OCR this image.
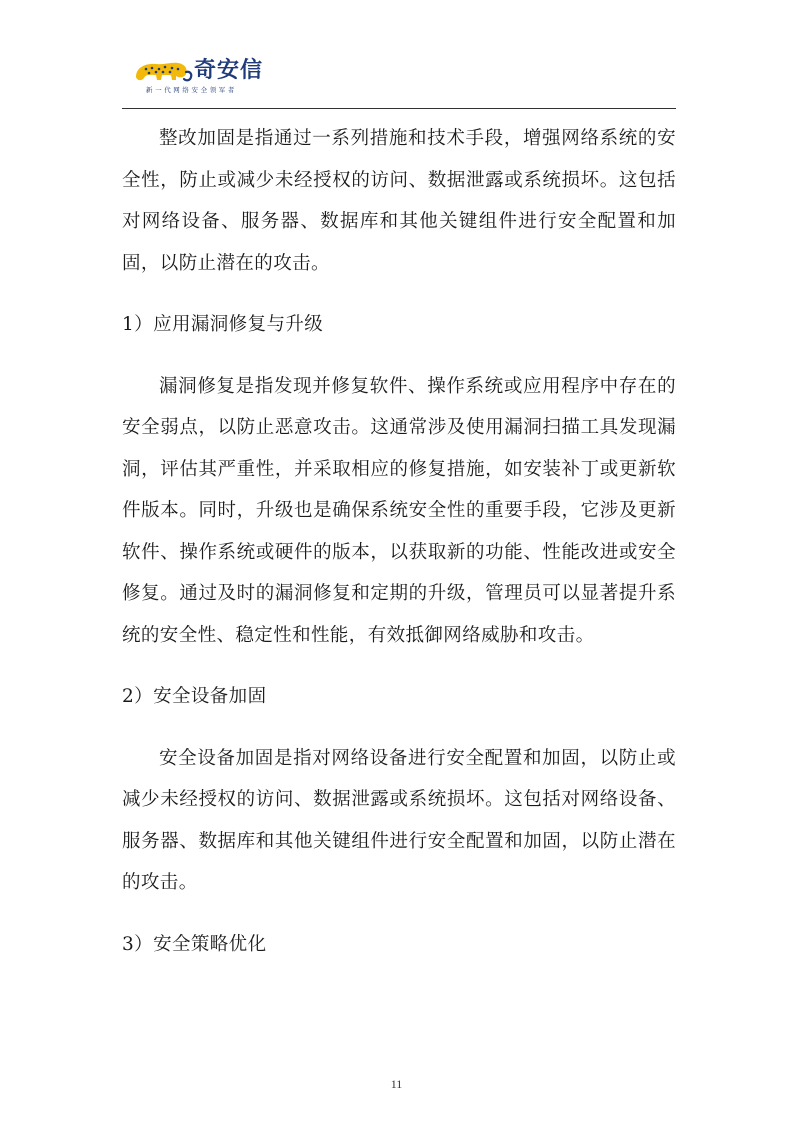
奇安信
新一代网络安全领军者

整改加固是指通过一系列措施和技术手段，增强网络系统的安全性，防止或减少未经授权的访问、数据泄露或系统损坏。这包括对网络设备、服务器、数据库和其他关键组件进行安全配置和加固，以防止潜在的攻击。

1）应用漏洞修复与升级

漏洞修复是指发现并修复软件、操作系统或应用程序中存在的安全弱点，以防止恶意攻击。这通常涉及使用漏洞扫描工具发现漏洞，评估其严重性，并采取相应的修复措施，如安装补丁或更新软件版本。同时，升级也是确保系统安全性的重要手段，它涉及更新软件、操作系统或硬件的版本，以获取新的功能、性能改进或安全修复。通过及时的漏洞修复和定期的升级，管理员可以显著提升系统的安全性、稳定性和性能，有效抵御网络威胁和攻击。

2）安全设备加固

安全设备加固是指对网络设备进行安全配置和加固，以防止或减少未经授权的访问、数据泄露或系统损坏。这包括对网络设备、服务器、数据库和其他关键组件进行安全配置和加固，以防止潜在的攻击。

3）安全策略优化

11
